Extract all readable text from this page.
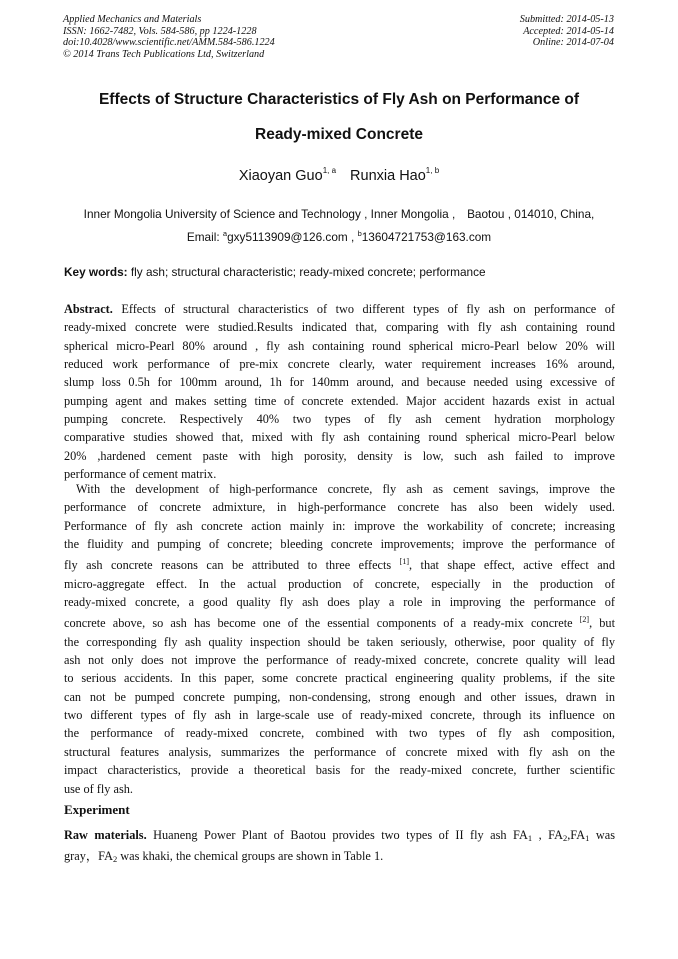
Applied Mechanics and Materials
ISSN: 1662-7482, Vols. 584-586, pp 1224-1228
doi:10.4028/www.scientific.net/AMM.584-586.1224
© 2014 Trans Tech Publications Ltd, Switzerland
Submitted: 2014-05-13
Accepted: 2014-05-14
Online: 2014-07-04
Effects of Structure Characteristics of Fly Ash on Performance of
Ready-mixed Concrete
Xiaoyan Guo$^{1, a}$ Runxia Hao$^{1, b}$
Inner Mongolia University of Science and Technology , Inner Mongolia ,　Baotou , 014010, China,
Email: $^a$gxy5113909@126.com , $^b$13604721753@163.com
Key words: fly ash; structural characteristic; ready-mixed concrete; performance
Abstract. Effects of structural characteristics of two different types of fly ash on performance of
ready-mixed concrete were studied.Results indicated that, comparing with fly ash containing round
spherical micro-Pearl 80% around , fly ash containing round spherical micro-Pearl below 20% will
reduced work performance of pre-mix concrete clearly, water requirement increases 16% around,
slump loss 0.5h for 100mm around, 1h for 140mm around, and because needed using excessive of
pumping agent and makes setting time of concrete extended. Major accident hazards exist in actual
pumping concrete. Respectively 40% two types of fly ash cement hydration morphology
comparative studies showed that, mixed with fly ash containing round spherical micro-Pearl below
20% ,hardened cement paste with high porosity, density is low, such ash failed to improve
performance of cement matrix.
With the development of high-performance concrete, fly ash as cement savings, improve the
performance of concrete admixture, in high-performance concrete has also been widely used.
Performance of fly ash concrete action mainly in: improve the workability of concrete; increasing
the fluidity and pumping of concrete; bleeding concrete improvements; improve the performance of
fly ash concrete reasons can be attributed to three effects [1], that shape effect, active effect and
micro-aggregate effect. In the actual production of concrete, especially in the production of
ready-mixed concrete, a good quality fly ash does play a role in improving the performance of
concrete above, so ash has become one of the essential components of a ready-mix concrete [2], but
the corresponding fly ash quality inspection should be taken seriously, otherwise, poor quality of fly
ash not only does not improve the performance of ready-mixed concrete, concrete quality will lead
to serious accidents. In this paper, some concrete practical engineering quality problems, if the site
can not be pumped concrete pumping, non-condensing, strong enough and other issues, drawn in
two different types of fly ash in large-scale use of ready-mixed concrete, through its influence on
the performance of ready-mixed concrete, combined with two types of fly ash composition,
structural features analysis, summarizes the performance of concrete mixed with fly ash on the
impact characteristics, provide a theoretical basis for the ready-mixed concrete, further scientific
use of fly ash.
Experiment
Raw materials. Huaneng Power Plant of Baotou provides two types of II fly ash $FA_1$ , $FA_2,FA_1$ was
gray，$FA_2$ was khaki, the chemical groups are shown in Table 1.
